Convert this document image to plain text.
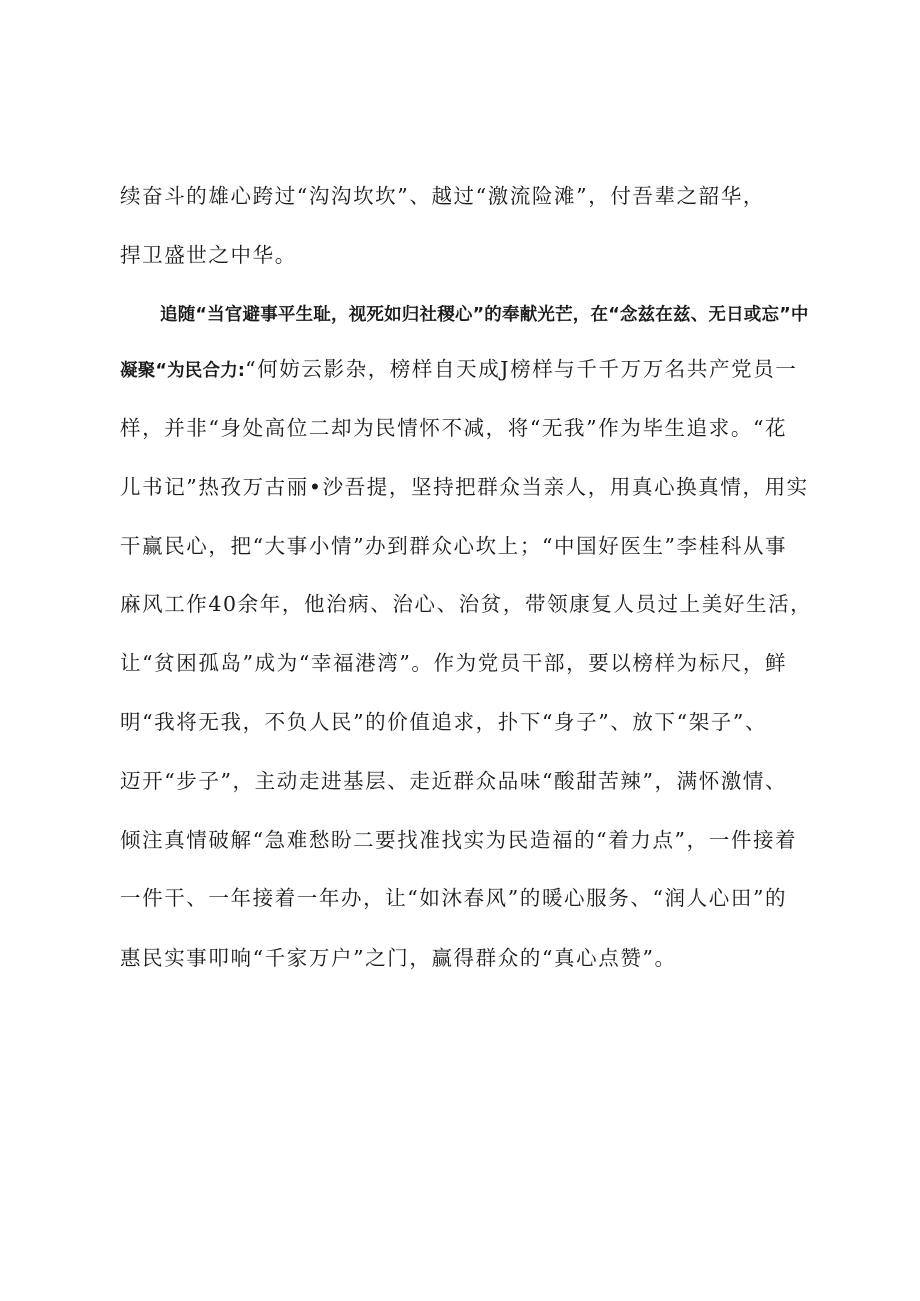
续奋斗的雄心跨过“沟沟坎坎”、越过“激流险滩”，付吾辈之韶华，
捍卫盛世之中华。
追随“当官避事平生耻，视死如归社稷心”的奉献光芒，在“念兹在兹、无日或忘”中
凝聚“为民合力:“何妨云影杂，榜样自天成J榜样与千千万万名共产党员一
样，并非“身处高位二却为民情怀不减，将“无我”作为毕生追求。“花
儿书记”热孜万古丽•沙吾提，坚持把群众当亲人，用真心换真情，用实
干赢民心，把“大事小情”办到群众心坎上；“中国好医生”李桂科从事
麻风工作40余年，他治病、治心、治贫，带领康复人员过上美好生活，
让“贫困孤岛”成为“幸福港湾”。作为党员干部，要以榜样为标尺，鲜
明“我将无我，不负人民”的价值追求，扑下“身子”、放下“架子”、
迈开“步子”，主动走进基层、走近群众品味“酸甜苦辣”，满怀激情、
倾注真情破解“急难愁盼二要找准找实为民造福的“着力点”，一件接着
一件干、一年接着一年办，让“如沐春风”的暖心服务、“润人心田”的
惠民实事叩响“千家万户”之门，赢得群众的“真心点赞”。
